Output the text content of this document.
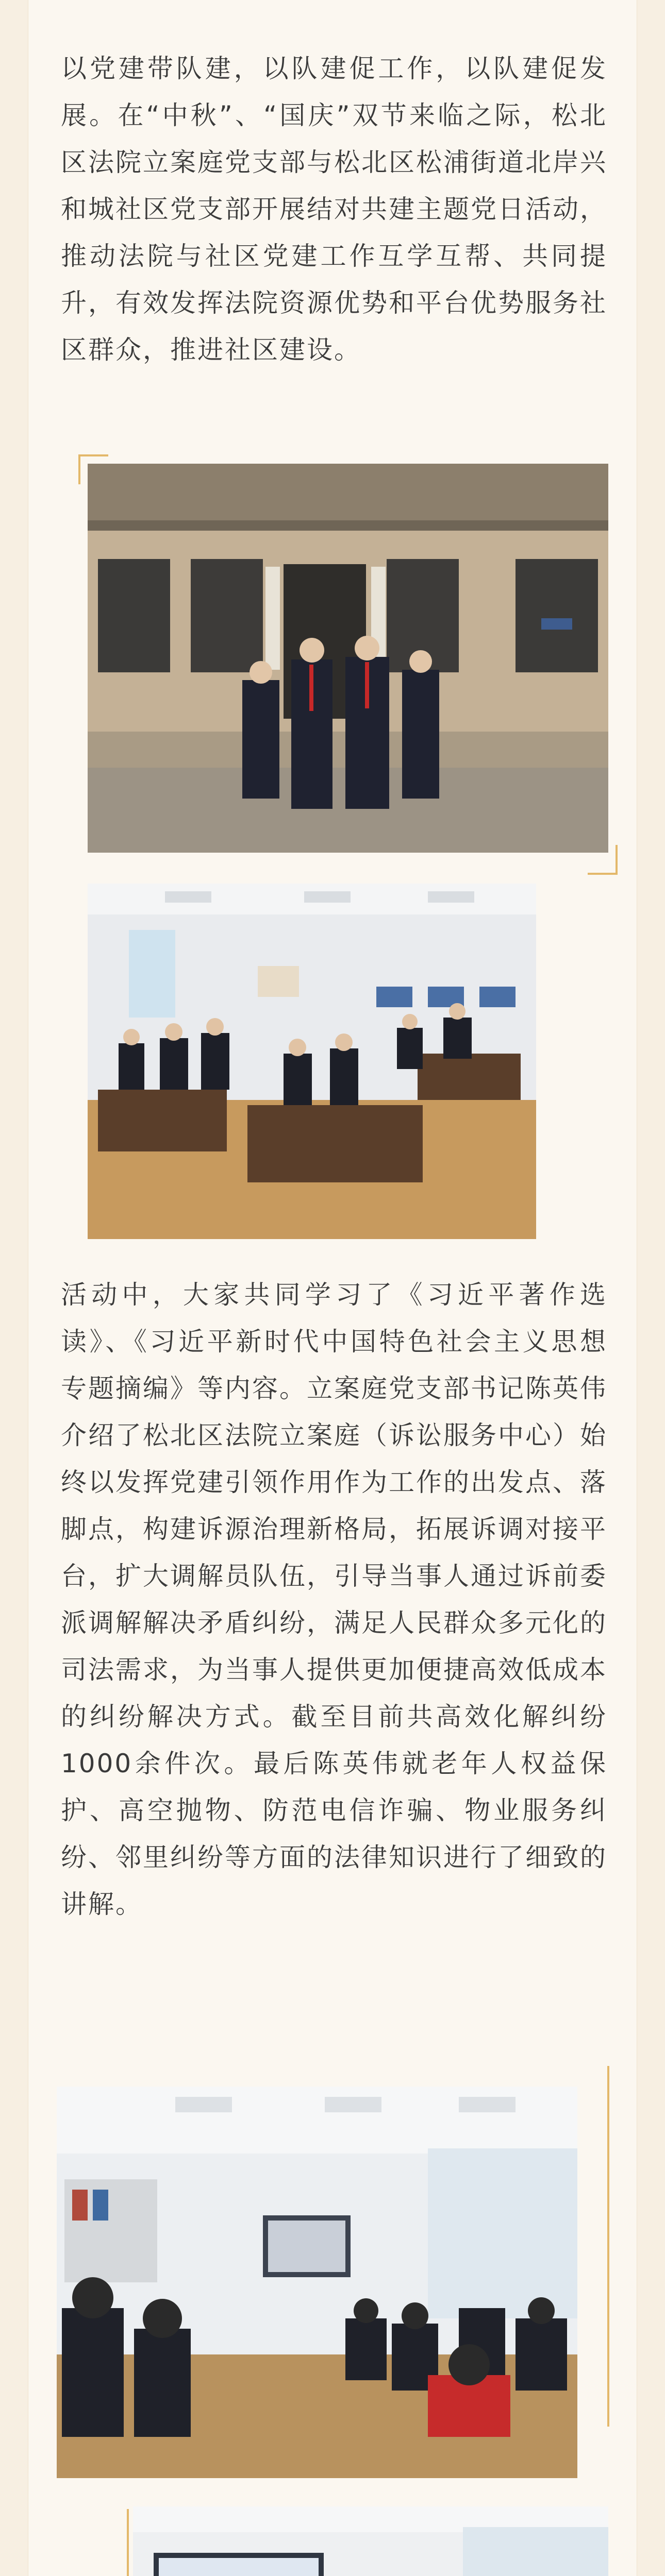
以党建带队建，以队建促工作，以队建促发展。在“中秋”、“国庆”双节来临之际，松北区法院立案庭党支部与松北区松浦街道北岸兴和城社区党支部开展结对共建主题党日活动，推动法院与社区党建工作互学互帮、共同提升，有效发挥法院资源优势和平台优势服务社区群众，推进社区建设。

活动中，大家共同学习了《习近平著作选读》、《习近平新时代中国特色社会主义思想专题摘编》等内容。立案庭党支部书记陈英伟介绍了松北区法院立案庭（诉讼服务中心）始终以发挥党建引领作用作为工作的出发点、落脚点，构建诉源治理新格局，拓展诉调对接平台，扩大调解员队伍，引导当事人通过诉前委派调解解决矛盾纠纷，满足人民群众多元化的司法需求，为当事人提供更加便捷高效低成本的纠纷解决方式。截至目前共高效化解纠纷1000余件次。最后陈英伟就老年人权益保护、高空抛物、防范电信诈骗、物业服务纠纷、邻里纠纷等方面的法律知识进行了细致的讲解。
